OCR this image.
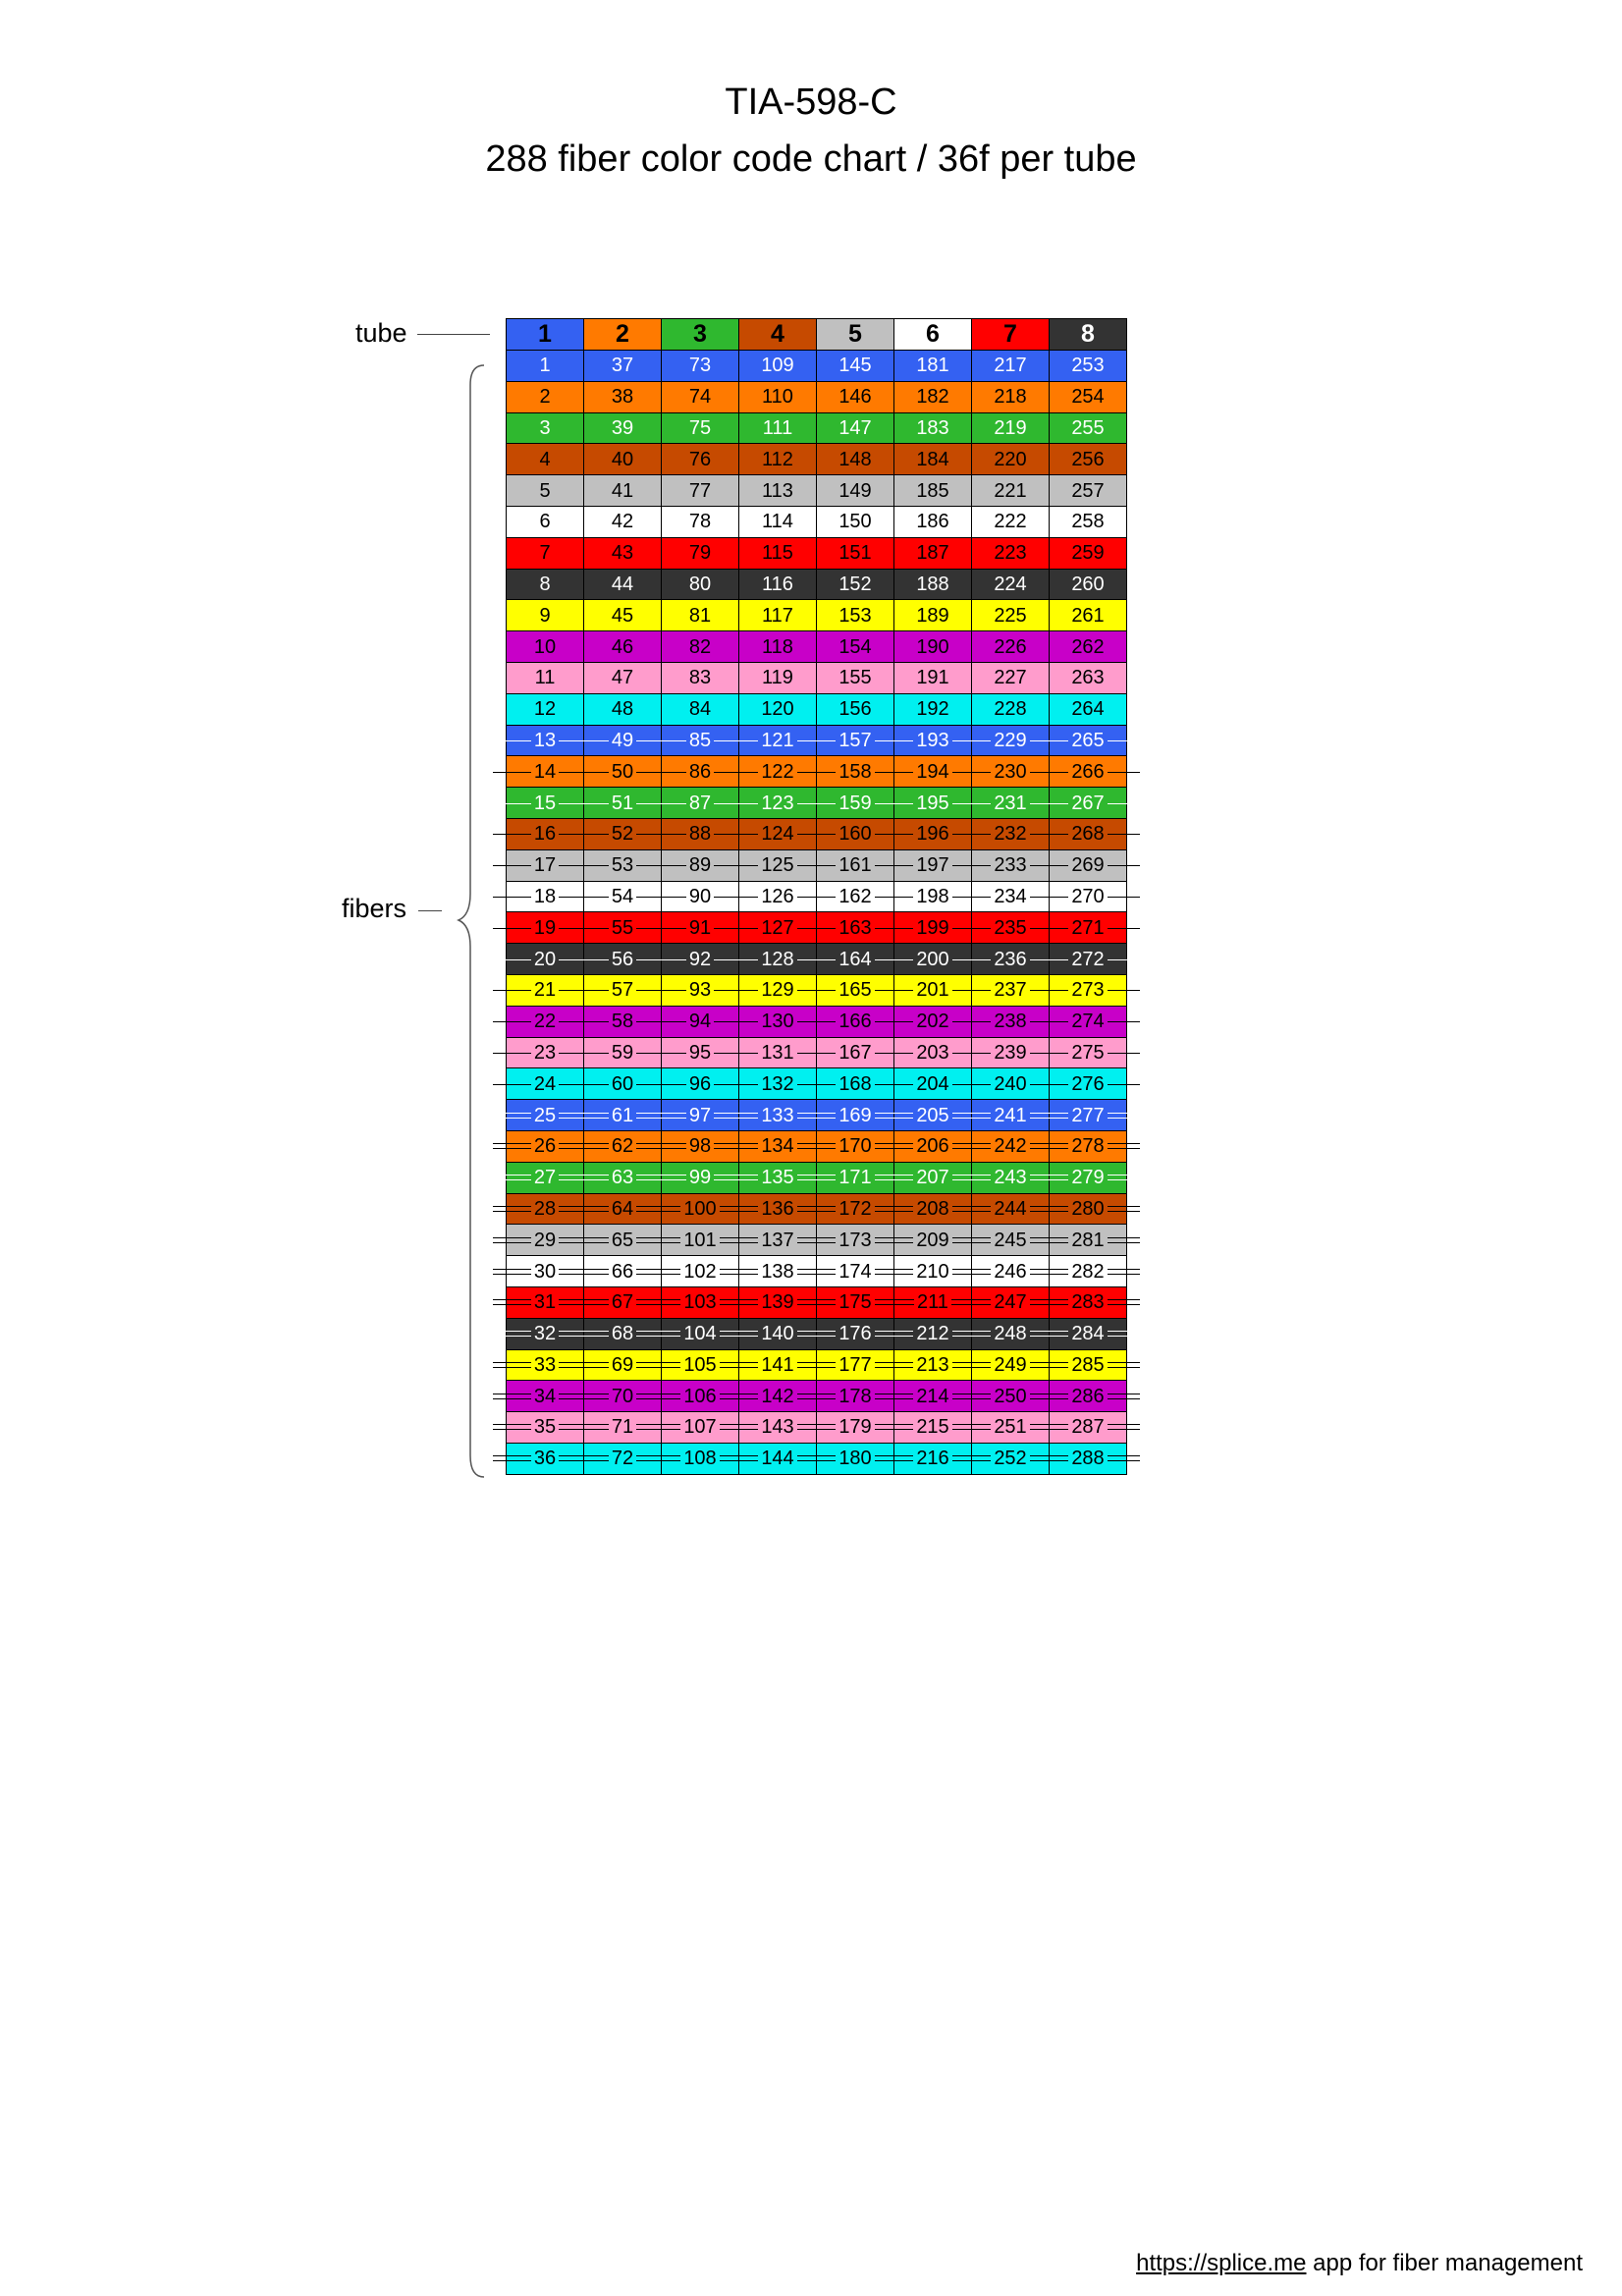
TIA-598-C
288 fiber color code chart / 36f per tube
tube
fibers
1	2	3	4	5	6	7	8
1	37	73	109 145 181 217 253
2	38	74	110 146 182 218 254
3	39	75	111 147 183 219 255
4	40	76	112 148 184 220 256
5	41	77	113 149 185 221 257
6	42	78	114 150 186 222 258
7	43	79	115 151 187 223 259
8	44	80	116 152 188 224 260
9	45	81	117 153 189 225 261
10	46	82	118 154 190 226 262
11	47	83	119 155 191 227 263
12	48	84	120 156 192 228 264
13	49	85	121 157 193 229 265
14	50	86	122 158 194 230 266
15	51	87	123 159 195 231 267
16	52	88	124 160 196 232 268
17	53	89	125 161 197 233 269
18	54	90	126 162 198 234 270
19	55	91	127 163 199 235 271
20	56	92	128 164 200 236 272
21	57	93	129 165 201 237 273
22	58	94	130 166 202 238 274
23	59	95	131 167 203 239 275
24	60	96	132 168 204 240 276
25	61	97	133 169 205 241 277
26	62	98	134 170 206 242 278
27	63	99	135 171 207 243 279
28	64	100 136 172 208 244 280
29	65	101 137 173 209 245 281
30	66	102 138 174 210 246 282
31	67	103 139 175 211 247 283
32	68	104 140 176 212 248 284
33	69	105 141 177 213 249 285
34	70	106 142 178 214 250 286
35	71	107 143 179 215 251 287
36	72	108 144 180 216 252 288
https://splice.me app for fiber management
